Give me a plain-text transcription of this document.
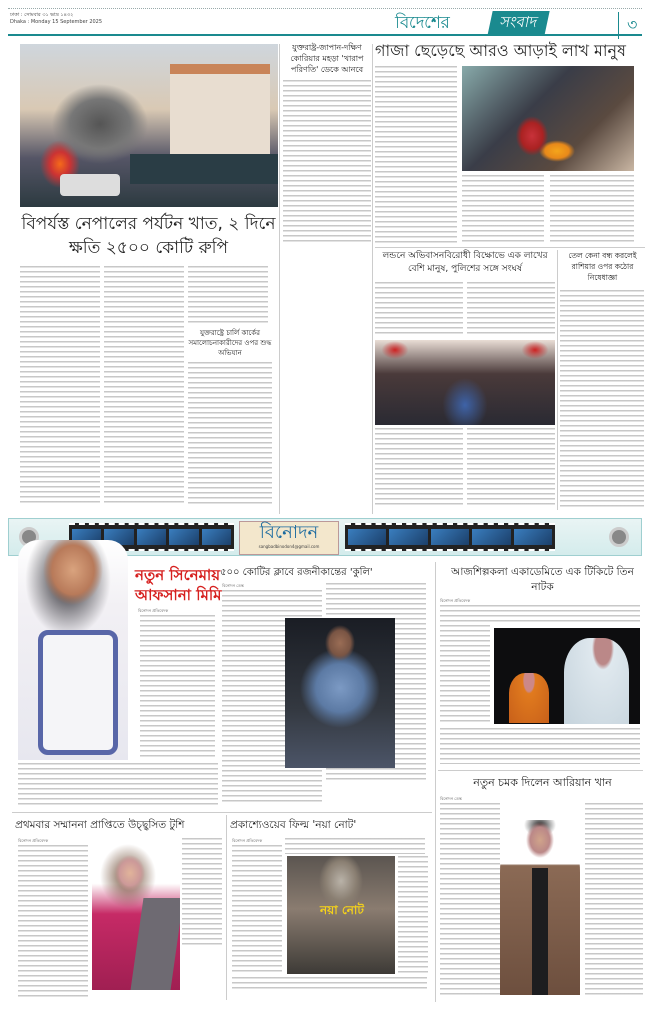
ঢাকা : সোমবার ৩১ ভাদ্র ১৪৩২
Dhaka : Monday 15 September 2025	বিদেশের	সংবাদ	৩
বিপর্যস্ত নেপালের পর্যটন খাত, ২ দিনে ক্ষতি ২৫০০ কোটি রুপি
যুক্তরাষ্ট্র-জাপান-দক্ষিণ কোরিয়ার মহড়া 'খারাপ পরিণতি' ডেকে আনবে
যুক্তরাষ্ট্রে চার্লি কার্কের সমালোচনাকারীদের ওপর শুদ্ধ অভিযান
গাজা ছেড়েছে আরও আড়াই লাখ মানুষ
লন্ডনে অভিবাসনবিরোধী বিক্ষোভে এক লাখের বেশি মানুষ, পুলিশের সঙ্গে সংঘর্ষ
তেল কেনা বন্ধ করলেই রাশিয়ার ওপর কঠোর নিষেধাজ্ঞা
বিনোদন
sangbadbinodon4@gmail.com
নতুন সিনেমায়
আফসানা মিমি
বিনোদন প্রতিবেদক
৫০০ কোটির ক্লাবে রজনীকান্তের 'কুলি'
বিনোদন ডেস্ক
আজশিল্পকলা একাডেমিতে এক টিকিটে তিন নাটক
বিনোদন প্রতিবেদক
নতুন চমক দিলেন আরিয়ান খান
বিনোদন ডেস্ক
প্রথমবার সম্মাননা প্রাপ্তিতে উচ্ছ্বসিত টুশি
বিনোদন প্রতিবেদক
প্রকাশ্যেওয়েব ফিল্ম 'নয়া নোট'
বিনোদন প্রতিবেদক
নয়া নোট
